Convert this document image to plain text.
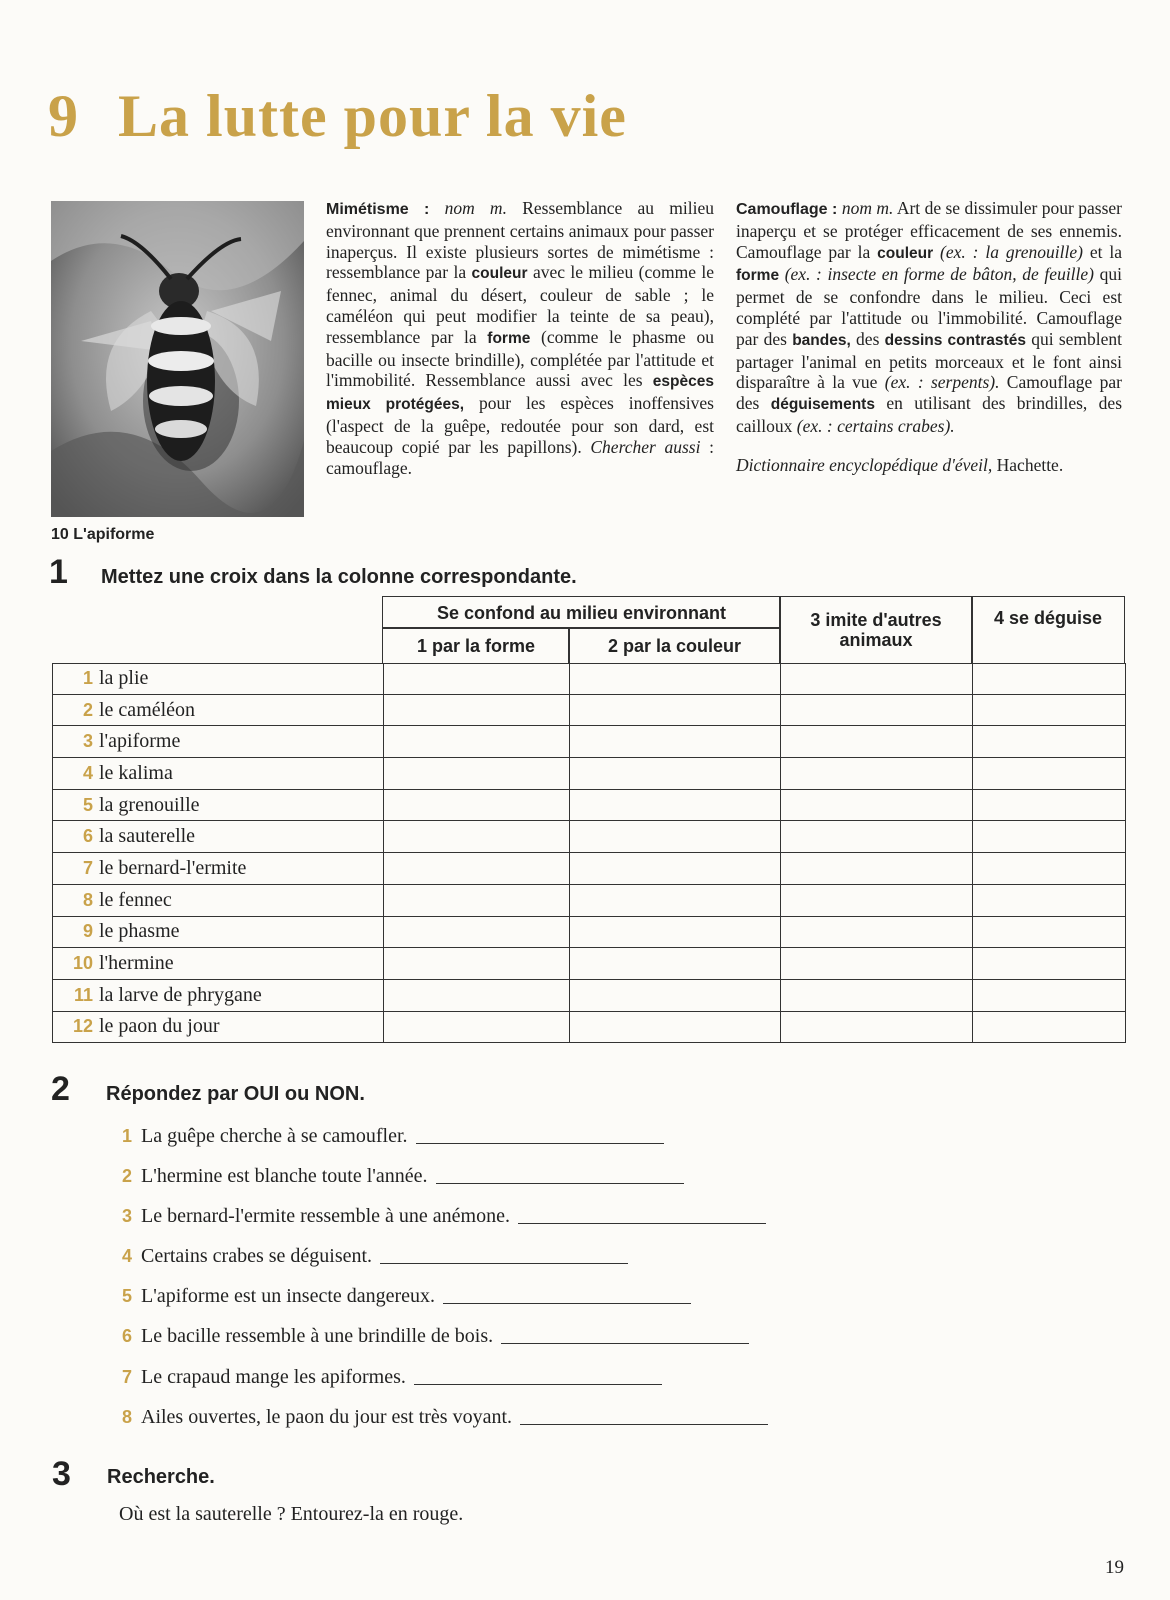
9 La lutte pour la vie
10 L'apiforme
Mimétisme : nom m. Ressemblance au milieu environnant que prennent certains animaux pour passer inaperçus. Il existe plusieurs sortes de mimétisme : ressemblance par la couleur avec le milieu (comme le fennec, animal du désert, couleur de sable ; le caméléon qui peut modifier la teinte de sa peau), ressemblance par la forme (comme le phasme ou bacille ou insecte brindille), complétée par l'attitude et l'immobilité. Ressemblance aussi avec les espèces mieux protégées, pour les espèces inoffensives (l'aspect de la guêpe, redoutée pour son dard, est beaucoup copié par les papillons). Chercher aussi : camouflage.
Camouflage : nom m. Art de se dissimuler pour passer inaperçu et se protéger efficacement de ses ennemis. Camouflage par la couleur (ex. : la grenouille) et la forme (ex. : insecte en forme de bâton, de feuille) qui permet de se confondre dans le milieu. Ceci est complété par l'attitude ou l'immobilité. Camouflage par des bandes, des dessins contrastés qui semblent partager l'animal en petits morceaux et le font ainsi disparaître à la vue (ex. : serpents). Camouflage par des déguisements en utilisant des brindilles, des cailloux (ex. : certains crabes).
Dictionnaire encyclopédique d'éveil, Hachette.
1 Mettez une croix dans la colonne correspondante.
Se confond au milieu environnant
1 par la forme	2 par la couleur
3 imite d'autres animaux
4 se déguise
1 la plie
2 le caméléon
3 l'apiforme
4 le kalima
5 la grenouille
6 la sauterelle
7 le bernard-l'ermite
8 le fennec
9 le phasme
10 l'hermine
11 la larve de phrygane
12 le paon du jour
2 Répondez par OUI ou NON.
1 La guêpe cherche à se camoufler.
2 L'hermine est blanche toute l'année.
3 Le bernard-l'ermite ressemble à une anémone.
4 Certains crabes se déguisent.
5 L'apiforme est un insecte dangereux.
6 Le bacille ressemble à une brindille de bois.
7 Le crapaud mange les apiformes.
8 Ailes ouvertes, le paon du jour est très voyant.
3 Recherche.
Où est la sauterelle ? Entourez-la en rouge.
19
